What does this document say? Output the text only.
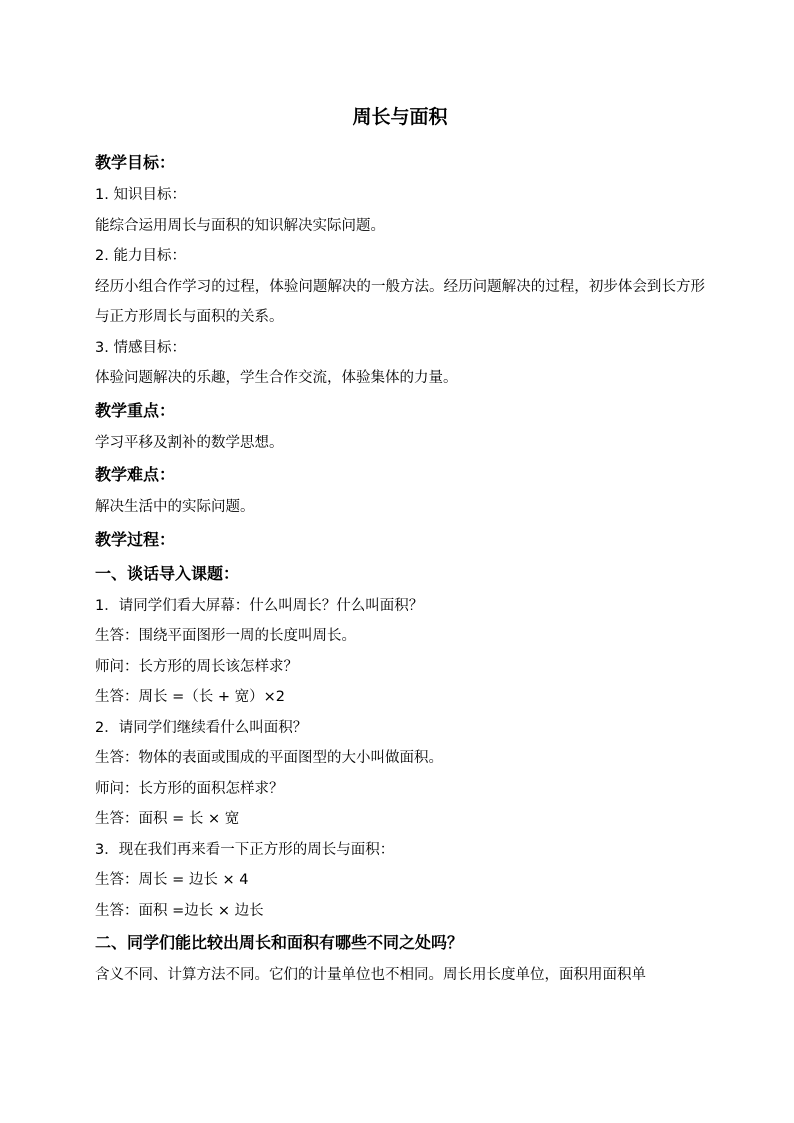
周长与面积
教学目标：
1. 知识目标：
能综合运用周长与面积的知识解决实际问题。
2. 能力目标：
经历小组合作学习的过程，体验问题解决的一般方法。经历问题解决的过程，初步体会到长方形与正方形周长与面积的关系。
3. 情感目标：
体验问题解决的乐趣，学生合作交流，体验集体的力量。
教学重点：
学习平移及割补的数学思想。
教学难点：
解决生活中的实际问题。
教学过程：
一、谈话导入课题：
1．请同学们看大屏幕：什么叫周长？什么叫面积？
生答：围绕平面图形一周的长度叫周长。
师问：长方形的周长该怎样求？
生答：周长 =（长 + 宽）×2
2．请同学们继续看什么叫面积？
生答：物体的表面或围成的平面图型的大小叫做面积。
师问：长方形的面积怎样求？
生答：面积 = 长 × 宽
3．现在我们再来看一下正方形的周长与面积：
生答：周长 = 边长 × 4
生答：面积 =边长 × 边长
二、同学们能比较出周长和面积有哪些不同之处吗？
含义不同、计算方法不同。它们的计量单位也不相同。周长用长度单位，面积用面积单
